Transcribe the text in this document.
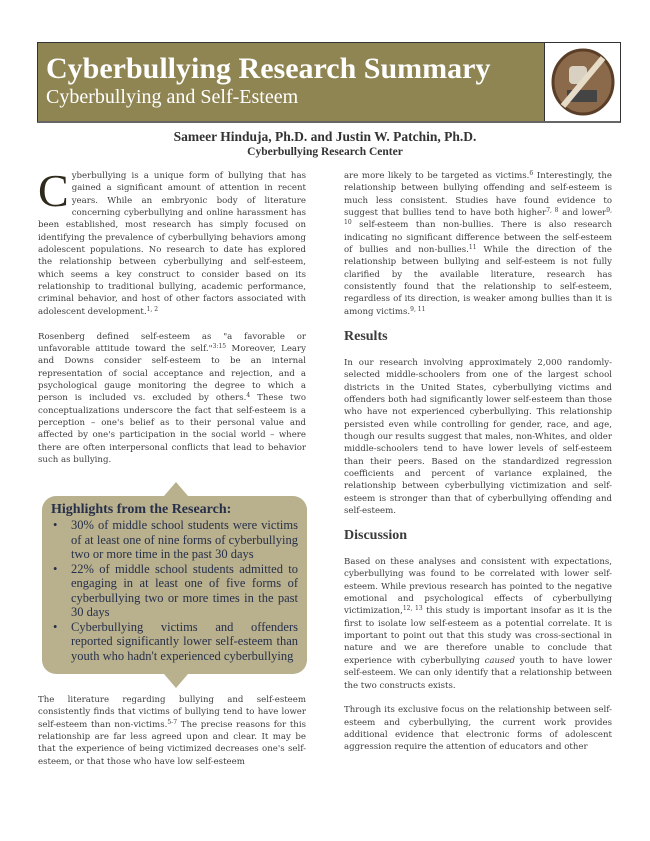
Cyberbullying Research Summary
Cyberbullying and Self-Esteem
Sameer Hinduja, Ph.D. and Justin W. Patchin, Ph.D.
Cyberbullying Research Center

Cyberbullying is a unique form of bullying that has gained a significant amount of attention in recent years. While an embryonic body of literature concerning cyberbullying and online harassment has been established, most research has simply focused on identifying the prevalence of cyberbullying behaviors among adolescent populations. No research to date has explored the relationship between cyberbullying and self-esteem, which seems a key construct to consider based on its relationship to traditional bullying, academic performance, criminal behavior, and host of other factors associated with adolescent development.$^{1, 2}$

Rosenberg defined self-esteem as "a favorable or unfavorable attitude toward the self."$^{3:15}$ Moreover, Leary and Downs consider self-esteem to be an internal representation of social acceptance and rejection, and a psychological gauge monitoring the degree to which a person is included vs. excluded by others.$^4$ These two conceptualizations underscore the fact that self-esteem is a perception – one's belief as to their personal value and affected by one's participation in the social world – where there are often interpersonal conflicts that lead to behavior such as bullying.

Highlights from the Research:
• 30% of middle school students were victims of at least one of nine forms of cyberbullying two or more time in the past 30 days
• 22% of middle school students admitted to engaging in at least one of five forms of cyberbullying two or more times in the past 30 days
• Cyberbullying victims and offenders reported significantly lower self-esteem than youth who hadn't experienced cyberbullying

The literature regarding bullying and self-esteem consistently finds that victims of bullying tend to have lower self-esteem than non-victims.$^{5-7}$ The precise reasons for this relationship are far less agreed upon and clear. It may be that the experience of being victimized decreases one's self-esteem, or that those who have low self-esteem

are more likely to be targeted as victims.$^6$ Interestingly, the relationship between bullying offending and self-esteem is much less consistent. Studies have found evidence to suggest that bullies tend to have both higher$^{7, 8}$ and lower$^{9, 10}$ self-esteem than non-bullies. There is also research indicating no significant difference between the self-esteem of bullies and non-bullies.$^{11}$ While the direction of the relationship between bullying and self-esteem is not fully clarified by the available literature, research has consistently found that the relationship to self-esteem, regardless of its direction, is weaker among bullies than it is among victims.$^{9, 11}$

Results

In our research involving approximately 2,000 randomly-selected middle-schoolers from one of the largest school districts in the United States, cyberbullying victims and offenders both had significantly lower self-esteem than those who have not experienced cyberbullying. This relationship persisted even while controlling for gender, race, and age, though our results suggest that males, non-Whites, and older middle-schoolers tend to have lower levels of self-esteem than their peers. Based on the standardized regression coefficients and percent of variance explained, the relationship between cyberbullying victimization and self-esteem is stronger than that of cyberbullying offending and self-esteem.

Discussion

Based on these analyses and consistent with expectations, cyberbullying was found to be correlated with lower self-esteem. While previous research has pointed to the negative emotional and psychological effects of cyberbullying victimization,$^{12, 13}$ this study is important insofar as it is the first to isolate low self-esteem as a potential correlate. It is important to point out that this study was cross-sectional in nature and we are therefore unable to conclude that experience with cyberbullying caused youth to have lower self-esteem. We can only identify that a relationship between the two constructs exists.

Through its exclusive focus on the relationship between self-esteem and cyberbullying, the current work provides additional evidence that electronic forms of adolescent aggression require the attention of educators and other
